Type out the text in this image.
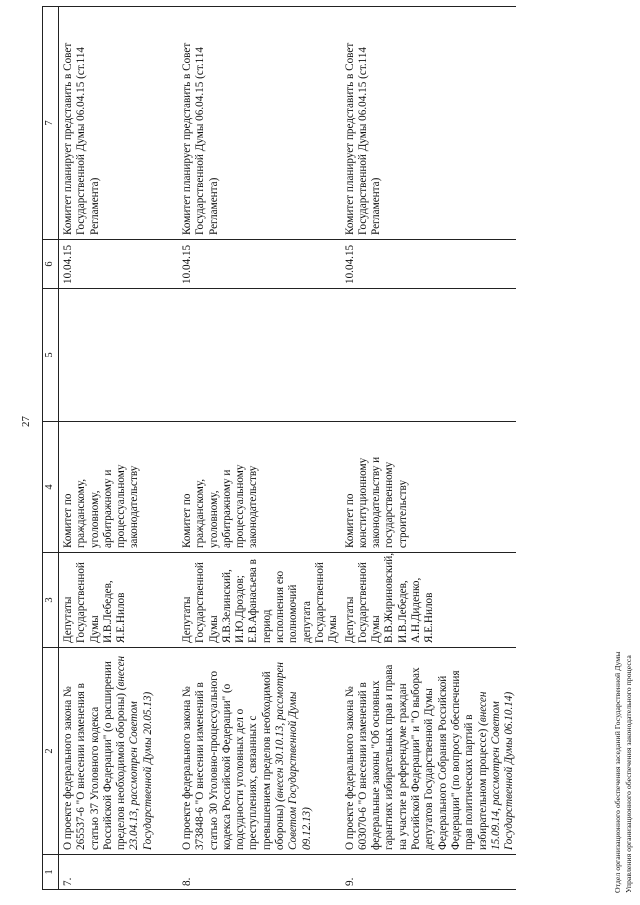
27
1	2	3	4	5	6	7
7.	О проекте федерального закона № 265537-6 "О внесении изменения в статью 37 Уголовного кодекса Российской Федерации" (о расширении пределов необходимой обороны) (внесен 23.04.13, рассмотрен Советом Государственной Думы 20.05.13)	Депутаты Государственной Думы И.В.Лебедев, Я.Е.Нилов	Комитет по гражданскому, уголовному, арбитражному и процессуальному законодательству		10.04.15	Комитет планирует представить в Совет Государственной Думы 06.04.15 (ст.114 Регламента)
8.	О проекте федерального закона № 373848-6 "О внесении изменений в статью 30 Уголовно-процессуального кодекса Российской Федерации" (о подсудности уголовных дел о преступлениях, связанных с превышением пределов необходимой обороны) (внесен 30.10.13, рассмотрен Советом Государственной Думы 09.12.13)	Депутаты Государственной Думы Я.В.Зелинский, И.Ю.Дроздов; Е.В.Афанасьева в период исполнения ею полномочий депутата Государственной Думы	Комитет по гражданскому, уголовному, арбитражному и процессуальному законодательству		10.04.15	Комитет планирует представить в Совет Государственной Думы 06.04.15 (ст.114 Регламента)
9.	О проекте федерального закона № 603070-6 "О внесении изменений в федеральные законы "Об основных гарантиях избирательных прав и права на участие в референдуме граждан Российской Федерации" и "О выборах депутатов Государственной Думы Федерального Собрания Российской Федерации" (по вопросу обеспечения прав политических партий в избирательном процессе) (внесен 15.09.14, рассмотрен Советом Государственной Думы 06.10.14)	Депутаты Государственной Думы В.В.Жириновский, И.В.Лебедев, А.Н.Диденко, Я.Е.Нилов	Комитет по конституционному законодательству и государственному строительству		10.04.15	Комитет планирует представить в Совет Государственной Думы 06.04.15 (ст.114 Регламента)
Отдел организационного обеспечения заседаний Государственной Думы Управления организационного обеспечения законодательного процесса
